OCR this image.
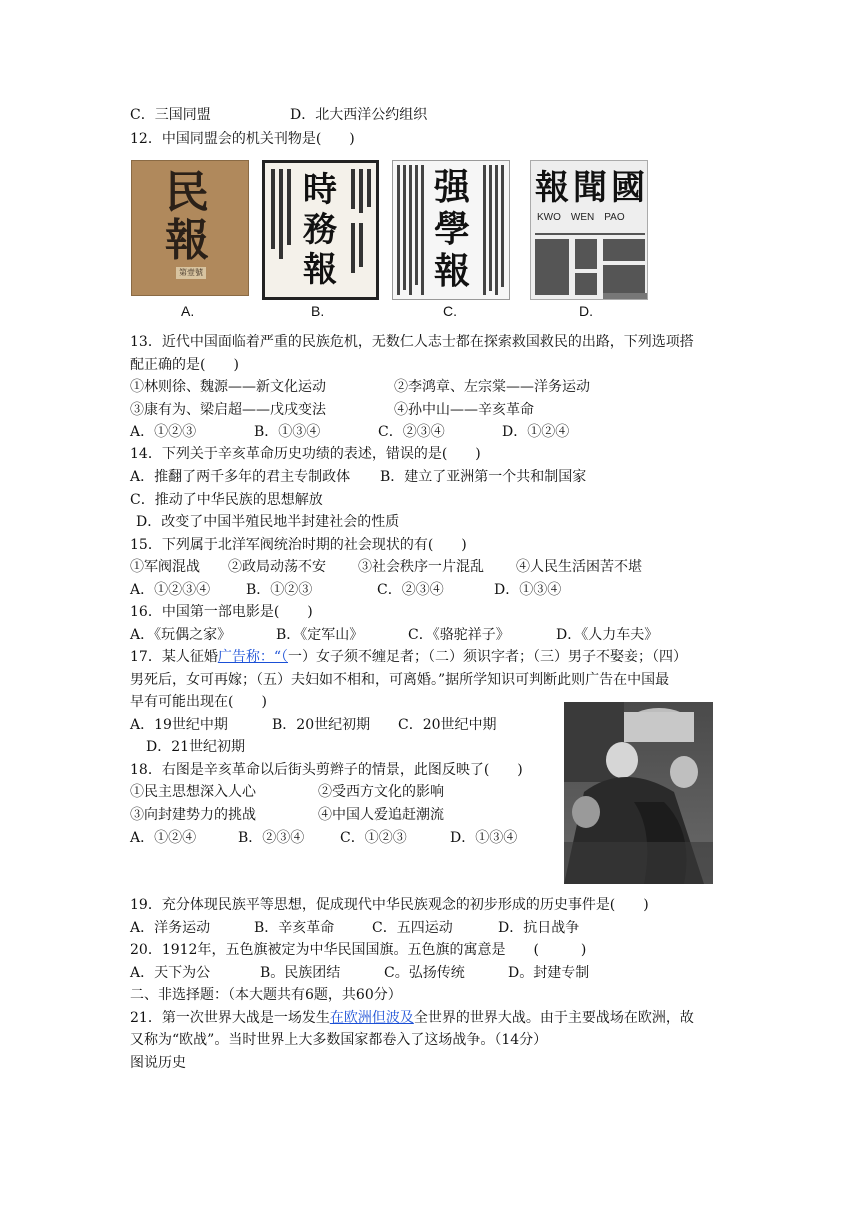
C．三国同盟	D．北大西洋公约组织
12．中国同盟会的机关刊物是(　　)
民
報
第壹號
A.
時
務
報
B.
强
學
報
C.
報 聞 國
KWO　WEN　PAO
D.
13．近代中国面临着严重的民族危机，无数仁人志士都在探索救国救民的出路，下列选项搭
配正确的是(　　)
①林则徐、魏源——新文化运动	②李鸿章、左宗棠——洋务运动
③康有为、梁启超——戊戌变法	④孙中山——辛亥革命
A．①②③	B．①③④	C．②③④	D．①②④
14．下列关于辛亥革命历史功绩的表述，错误的是(　　)
A．推翻了两千多年的君主专制政体	B．建立了亚洲第一个共和制国家
C．推动了中华民族的思想解放
D．改变了中国半殖民地半封建社会的性质
15．下列属于北洋军阀统治时期的社会现状的有(　　)
①军阀混战	②政局动荡不安	③社会秩序一片混乱	④人民生活困苦不堪
A．①②③④	B．①②③	C．②③④	D．①③④
16．中国第一部电影是(　　)
A．《玩偶之家》	B．《定军山》	C．《骆驼祥子》	D．《人力车夫》
17．某人征婚广告称：“（一）女子须不缠足者；（二）须识字者；（三）男子不娶妾；（四）
男死后，女可再嫁；（五）夫妇如不相和，可离婚。”据所学知识可判断此则广告在中国最
早有可能出现在(　　)
A．19世纪中期	B．20世纪初期	C．20世纪中期
D．21世纪初期
18．右图是辛亥革命以后街头剪辫子的情景，此图反映了(　　)
①民主思想深入人心	②受西方文化的影响
③向封建势力的挑战	④中国人爱追赶潮流
A．①②④	B．②③④	C．①②③	D．①③④
19．充分体现民族平等思想，促成现代中华民族观念的初步形成的历史事件是(　　)
A．洋务运动	B．辛亥革命	C．五四运动	D．抗日战争
20．1912年，五色旗被定为中华民国国旗。五色旗的寓意是　　(　　　)
A．天下为公	B。民族团结	C。弘扬传统	D。封建专制
二、非选择题：（本大题共有6题，共60分）
21．第一次世界大战是一场发生在欧洲但波及全世界的世界大战。由于主要战场在欧洲，故
又称为“欧战”。当时世界上大多数国家都卷入了这场战争。（14分）
图说历史
